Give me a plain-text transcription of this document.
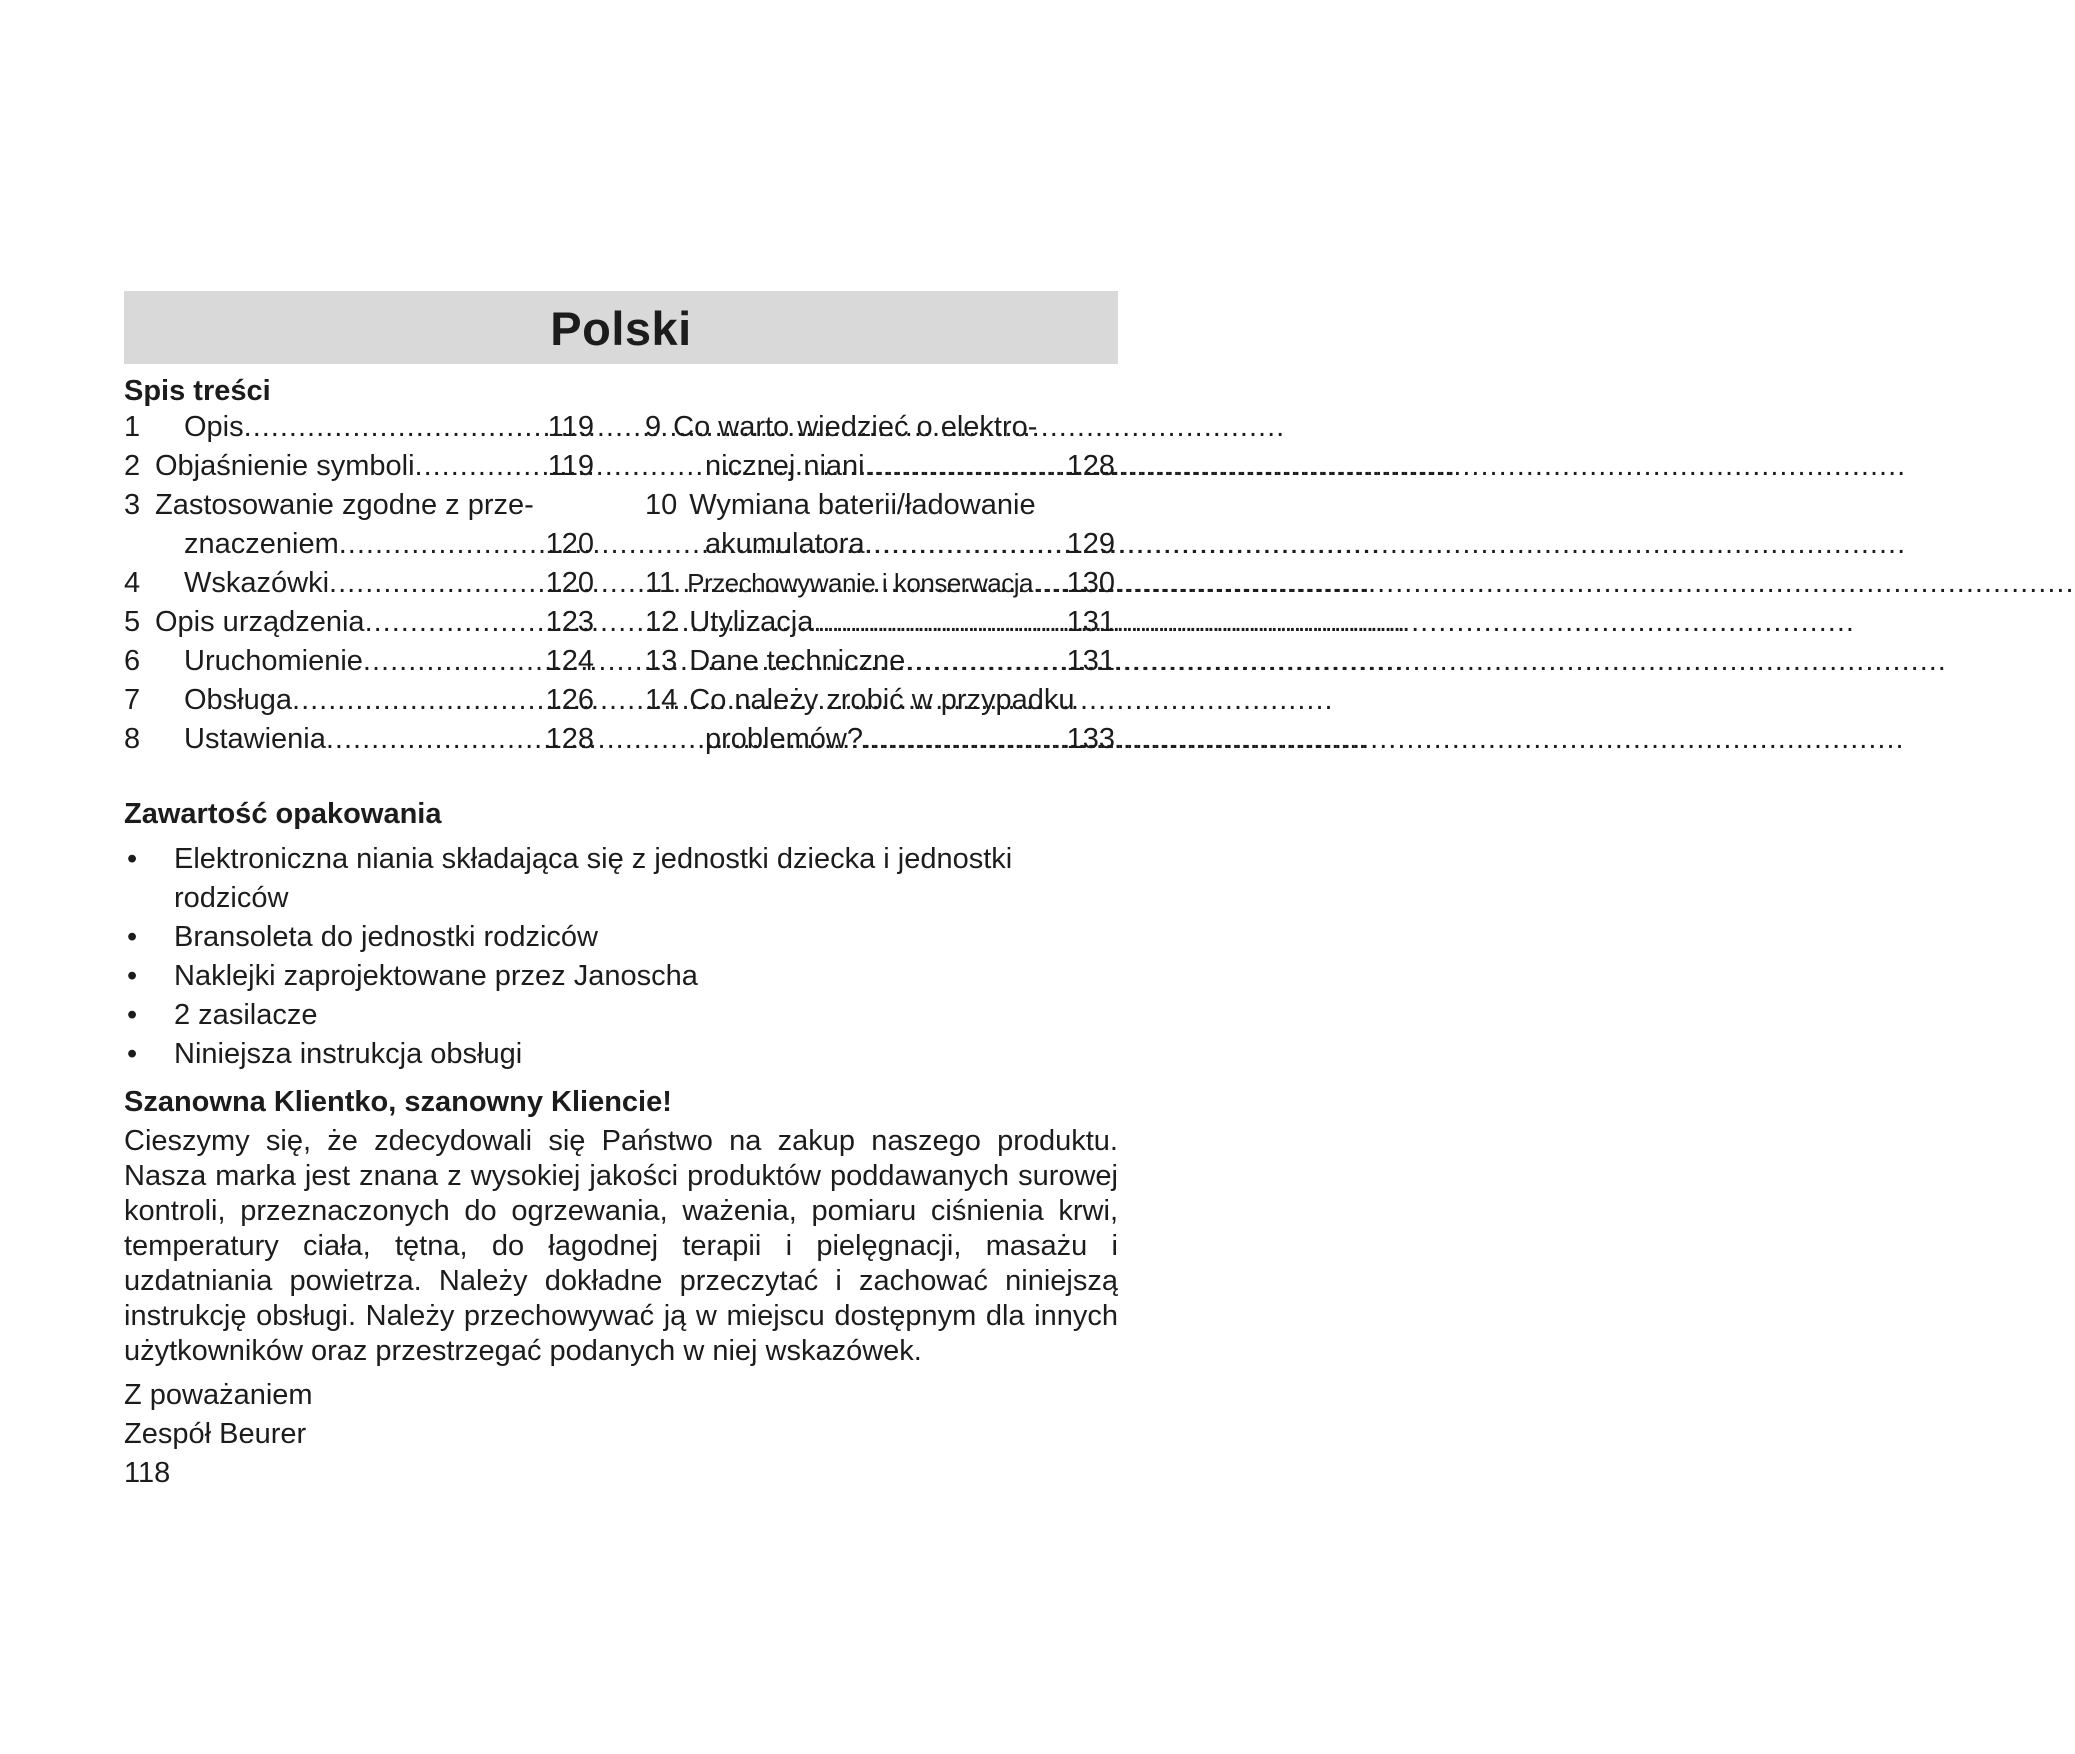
Polski
Spis treści
1	Opis .....	119
2 Objaśnienie symboli .....	119
3 Zastosowanie zgodne z prze-
znaczeniem .....	120
4	Wskazówki .....	120
5 Opis urządzenia .....	123
6	Uruchomienie .....	124
7	Obsługa .....	126
8	Ustawienia .....	128
9 Co warto wiedzieć o elektro-
nicznej niani .....	128
10 Wymiana baterii/ładowanie
akumulatora .....	129
11 Przechowywanie i konserwacja ..... 130
12 Utylizacja .....	131
13 Dane techniczne .....	131
14 Co należy zrobić w przypadku
problemów? .....	133
Zawartość opakowania
•	Elektroniczna niania składająca się z jednostki dziecka i jednostki rodziców
•	Bransoleta do jednostki rodziców
•	Naklejki zaprojektowane przez Janoscha
•	2 zasilacze
•	Niniejsza instrukcja obsługi
Szanowna Klientko, szanowny Kliencie!
Cieszymy się, że zdecydowali się Państwo na zakup naszego produktu. Nasza marka jest znana z wysokiej jakości produktów poddawanych surowej kontroli, przeznaczonych do ogrzewania, ważenia, pomiaru ciśnienia krwi, temperatury ciała, tętna, do łagodnej terapii i pielęgnacji, masażu i uzdatniania powietrza. Należy dokładne przeczytać i zachować niniejszą instrukcję obsługi. Należy przechowywać ją w miejscu dostępnym dla innych użytkowników oraz przestrzegać podanych w niej wskazówek.
Z poważaniem
Zespół Beurer
118
